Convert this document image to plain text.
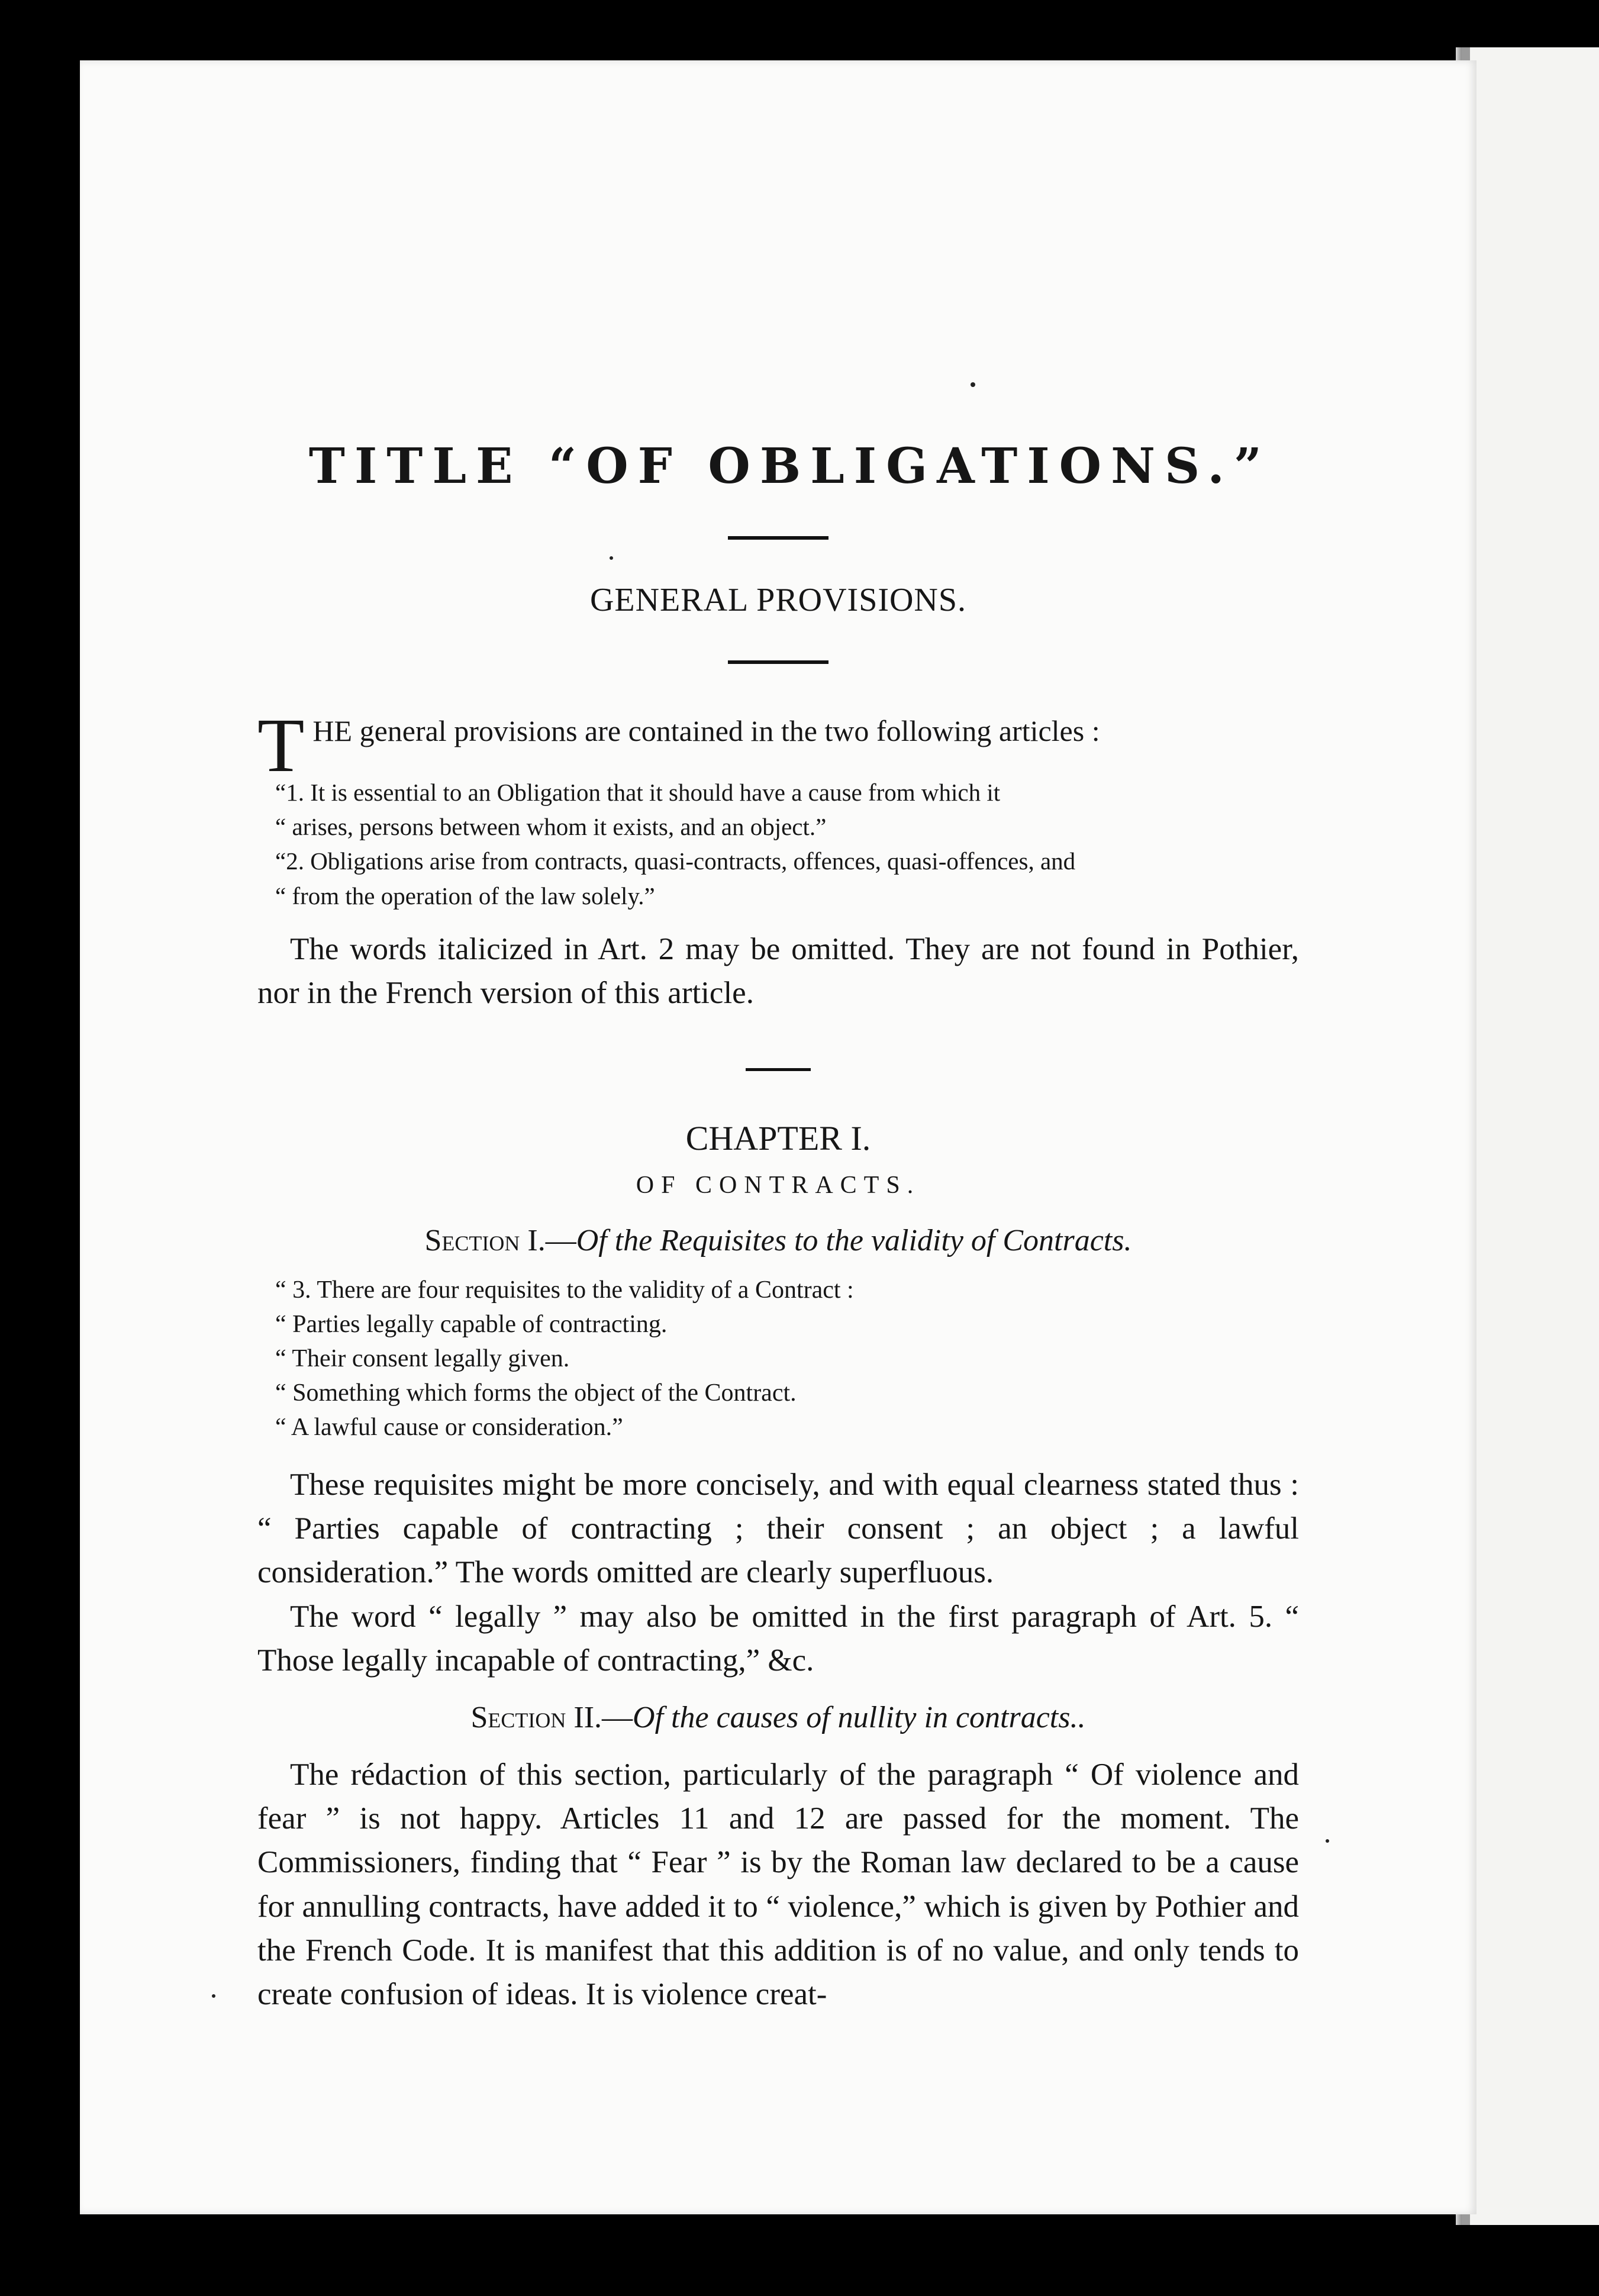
TITLE “OF OBLIGATIONS.”
GENERAL PROVISIONS.
T HE general provisions are contained in the two following articles :

“1. It is essential to an Obligation that it should have a cause from which it

“ arises, persons between whom it exists, and an object.”

“2. Obligations arise from contracts, quasi-contracts, offences, quasi-offences, and

“ from the operation of the law solely.”

The words italicized in Art. 2 may be omitted. They are not found in Pothier, nor in the French version of this article.

CHAPTER I.
OF CONTRACTS.
Section I.—Of the Requisites to the validity of Contracts.
“ 3. There are four requisites to the validity of a Contract :
“ Parties legally capable of contracting.
“ Their consent legally given.
“ Something which forms the object of the Contract.
“ A lawful cause or consideration.”

These requisites might be more concisely, and with equal clearness stated thus : “ Parties capable of contracting ; their consent ; an object ; a lawful consideration.” The words omitted are clearly superfluous.

The word “ legally ” may also be omitted in the first paragraph of Art. 5. “ Those legally incapable of contracting,” &c.

Section II.—Of the causes of nullity in contracts..

The rédaction of this section, particularly of the paragraph “ Of violence and fear ” is not happy. Articles 11 and 12 are passed for the moment. The Commissioners, finding that “ Fear ” is by the Roman law declared to be a cause for annulling contracts, have added it to “ violence,” which is given by Pothier and the French Code. It is manifest that this addition is of no value, and only tends to create confusion of ideas. It is violence creat-
